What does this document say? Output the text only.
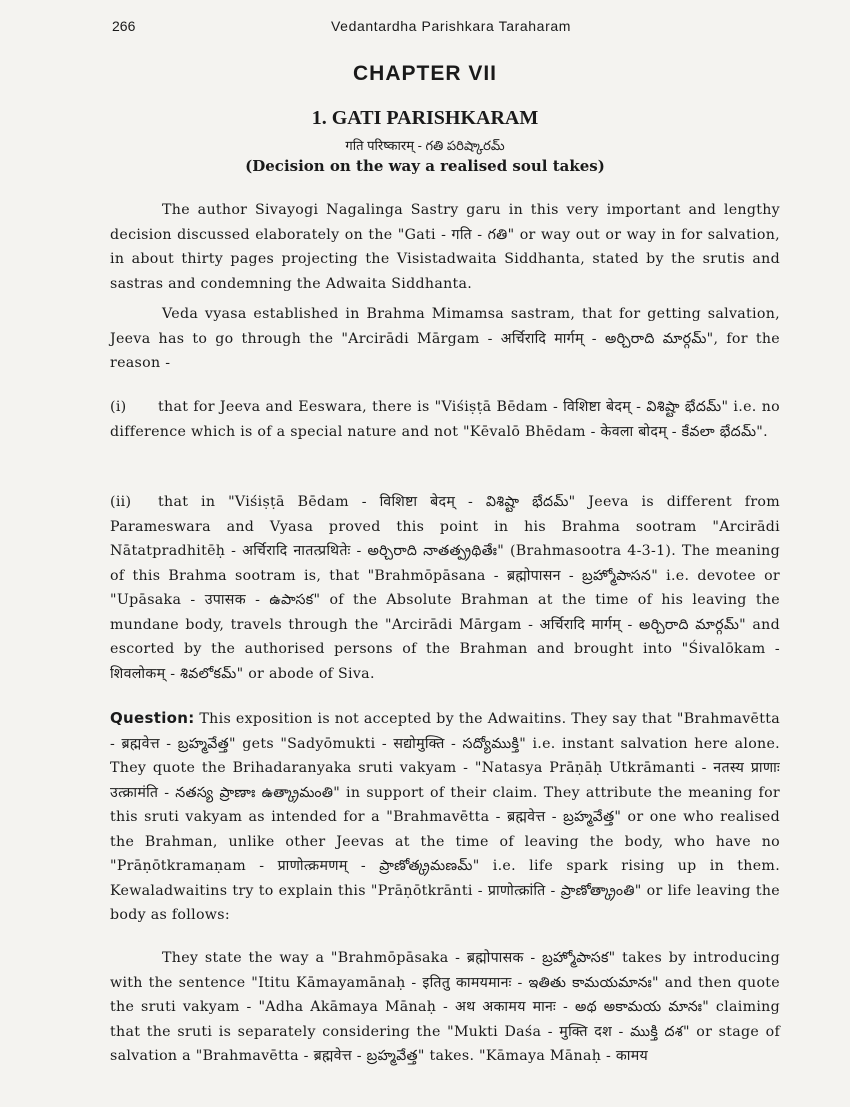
266	Vedantardha Parishkara Taraharam
CHAPTER VII
1. GATI PARISHKARAM
गति परिष्कारम् - గతి పరిష్కారమ్
(Decision on the way a realised soul takes)
The author Sivayogi Nagalinga Sastry garu in this very important and lengthy decision discussed elaborately on the "Gati - गति - గతి" or way out or way in for salvation, in about thirty pages projecting the Visistadwaita Siddhanta, stated by the srutis and sastras and condemning the Adwaita Siddhanta.
Veda vyasa established in Brahma Mimamsa sastram, that for getting salvation, Jeeva has to go through the "Arcirādi Mārgam - अर्चिरादि मार्गम् - అర్చిరాది మార్గమ్", for the reason -
(i) that for Jeeva and Eeswara, there is "Viśiṣṭā Bēdam - विशिष्टा बेदम् - విశిష్టా భేదమ్" i.e. no difference which is of a special nature and not "Kēvalō Bhēdam - केवला बोदम् - కేవలా భేదమ్".
(ii) that in "Viśiṣṭā Bēdam - विशिष्टा बेदम् - విశిష్టా భేదమ్" Jeeva is different from Parameswara and Vyasa proved this point in his Brahma sootram "Arcirādi Nātatpradhitēḥ - अर्चिरादि नातत्प्रथितेः - అర్చిరాది నాతత్ప్రథితేః" (Brahmasootra 4-3-1). The meaning of this Brahma sootram is, that "Brahmōpāsana - ब्रह्मोपासन - బ్రహ్మోపాసన" i.e. devotee or "Upāsaka - उपासक - ఉపాసక" of the Absolute Brahman at the time of his leaving the mundane body, travels through the "Arcirādi Mārgam - अर्चिरादि मार्गम् - అర్చిరాది మార్గమ్" and escorted by the authorised persons of the Brahman and brought into "Śivalōkam - शिवलोकम् - శివలోకమ్" or abode of Siva.
Question: This exposition is not accepted by the Adwaitins. They say that "Brahmavētta - ब्रह्मवेत्त - బ్రహ్మవేత్త" gets "Sadyōmukti - सद्योमुक्ति - సద్యోముక్తి" i.e. instant salvation here alone. They quote the Brihadaranyaka sruti vakyam - "Natasya Prāṇāḥ Utkrāmanti - नतस्य प्राणाः उत्क्रामंति - నతస్య ప్రాణాః ఉత్క్రామంతి" in support of their claim. They attribute the meaning for this sruti vakyam as intended for a "Brahmavētta - ब्रह्मवेत्त - బ్రహ్మవేత్త" or one who realised the Brahman, unlike other Jeevas at the time of leaving the body, who have no "Prāṇōtkramaṇam - प्राणोत्क्रमणम् - ప్రాణోత్క్రమణమ్" i.e. life spark rising up in them. Kewaladwaitins try to explain this "Prāṇōtkrānti - प्राणोत्क्रांति - ప్రాణోత్క్రాంతి" or life leaving the body as follows:
They state the way a "Brahmōpāsaka - ब्रह्मोपासक - బ్రహ్మోపాసక" takes by introducing with the sentence "Ititu Kāmayamānaḥ - इतितु कामयमानः - ఇతితు కామయమానః" and then quote the sruti vakyam - "Adha Akāmaya Mānaḥ - अथ अकामय मानः - అథ అకామయ మానః" claiming that the sruti is separately considering the "Mukti Daśa - मुक्ति दश - ముక్తి దశ" or stage of salvation a "Brahmavētta - ब्रह्मवेत्त - బ్రహ్మవేత్త" takes. "Kāmaya Mānaḥ - कामय
